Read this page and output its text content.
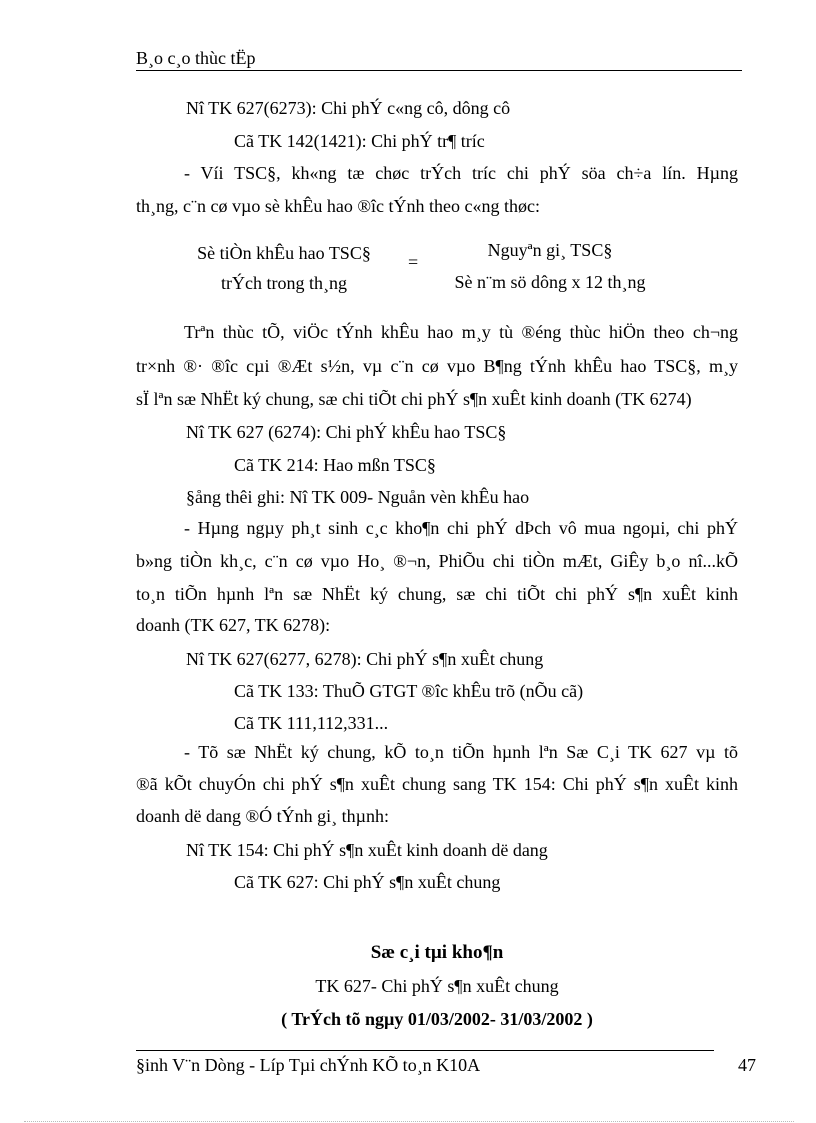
B¸o c¸o thùc tËp
Nî TK 627(6273): Chi phÝ c«ng cô, dông cô
Cã TK 142(1421): Chi phÝ tr¶ tríc
- Víi TSC§, kh«ng tæ chøc trÝch tríc chi phÝ söa ch÷a lín. Hµng
th¸ng, c¨n cø vµo sè khÊu hao ®îc tÝnh theo c«ng thøc:
Sè tiÒn khÊu hao TSC§
trÝch trong th¸ng
=
Nguyªn gi¸ TSC§
Sè n¨m sö dông x 12 th¸ng
Trªn thùc tÕ, viÖc tÝnh khÊu hao m¸y tù ®éng thùc hiÖn theo ch¬ng
tr×nh ®· ®îc cµi ®Æt s½n, vµ c¨n cø vµo B¶ng tÝnh khÊu hao TSC§, m¸y
sÏ lªn sæ NhËt ký chung, sæ chi tiÕt chi phÝ s¶n xuÊt kinh doanh (TK 6274)
Nî TK 627 (6274): Chi phÝ khÊu hao TSC§
Cã TK 214: Hao mßn TSC§
§ång thêi ghi: Nî TK 009- Nguån vèn khÊu hao
- Hµng ngµy ph¸t sinh c¸c kho¶n chi phÝ dÞch vô mua ngoµi, chi phÝ
b»ng tiÒn kh¸c, c¨n cø vµo Ho¸ ®¬n, PhiÕu chi tiÒn mÆt, GiÊy b¸o nî...kÕ
to¸n tiÕn hµnh lªn sæ NhËt ký chung, sæ chi tiÕt chi phÝ s¶n xuÊt kinh
doanh (TK 627, TK 6278):
Nî TK 627(6277, 6278): Chi phÝ s¶n xuÊt chung
Cã TK 133: ThuÕ GTGT ®îc khÊu trõ (nÕu cã)
Cã TK 111,112,331...
- Tõ sæ NhËt ký chung, kÕ to¸n tiÕn hµnh lªn Sæ C¸i TK 627 vµ tõ
®ã kÕt chuyÓn chi phÝ s¶n xuÊt chung sang TK 154: Chi phÝ s¶n xuÊt kinh
doanh dë dang ®Ó tÝnh gi¸ thµnh:
Nî TK 154: Chi phÝ s¶n xuÊt kinh doanh dë dang
Cã TK 627: Chi phÝ s¶n xuÊt chung
Sæ c¸i tµi kho¶n
TK 627- Chi phÝ s¶n xuÊt chung
( TrÝch tõ ngµy 01/03/2002- 31/03/2002 )
§inh V¨n Dòng - Líp Tµi chÝnh KÕ to¸n K10A	47
